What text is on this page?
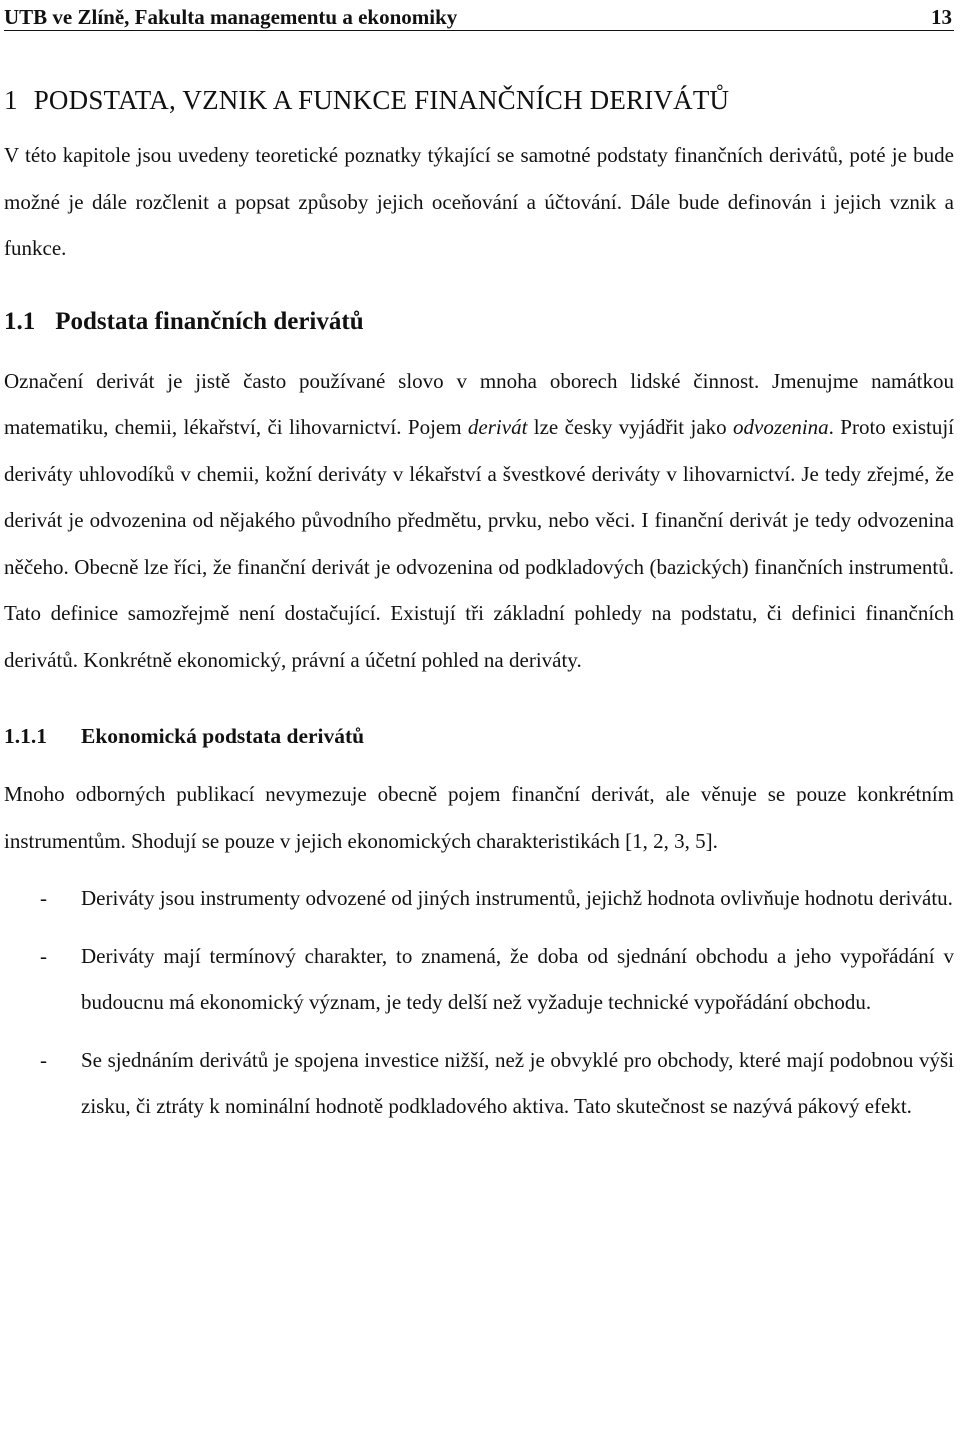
UTB ve Zlíně, Fakulta managementu a ekonomiky	13
1 PODSTATA, VZNIK A FUNKCE FINANČNÍCH DERIVÁTŮ

V této kapitole jsou uvedeny teoretické poznatky týkající se samotné podstaty finančních derivátů, poté je bude možné je dále rozčlenit a popsat způsoby jejich oceňování a účtování. Dále bude definován i jejich vznik a funkce.

1.1 Podstata finančních derivátů

Označení derivát je jistě často používané slovo v mnoha oborech lidské činnost. Jmenujme namátkou matematiku, chemii, lékařství, či lihovarnictví. Pojem derivát lze česky vyjádřit jako odvozenina. Proto existují deriváty uhlovodíků v chemii, kožní deriváty v lékařství a švestkové deriváty v lihovarnictví. Je tedy zřejmé, že derivát je odvozenina od nějakého původního předmětu, prvku, nebo věci. I finanční derivát je tedy odvozenina něčeho. Obecně lze říci, že finanční derivát je odvozenina od podkladových (bazických) finančních instrumentů. Tato definice samozřejmě není dostačující. Existují tři základní pohledy na podstatu, či definici finančních derivátů. Konkrétně ekonomický, právní a účetní pohled na deriváty.

1.1.1 Ekonomická podstata derivátů

Mnoho odborných publikací nevymezuje obecně pojem finanční derivát, ale věnuje se pouze konkrétním instrumentům. Shodují se pouze v jejich ekonomických charakteristikách [1, 2, 3, 5].

- Deriváty jsou instrumenty odvozené od jiných instrumentů, jejichž hodnota ovlivňuje hodnotu derivátu.
- Deriváty mají termínový charakter, to znamená, že doba od sjednání obchodu a jeho vypořádání v budoucnu má ekonomický význam, je tedy delší než vyžaduje technické vypořádání obchodu.
- Se sjednáním derivátů je spojena investice nižší, než je obvyklé pro obchody, které mají podobnou výši zisku, či ztráty k nominální hodnotě podkladového aktiva. Tato skutečnost se nazývá pákový efekt.
